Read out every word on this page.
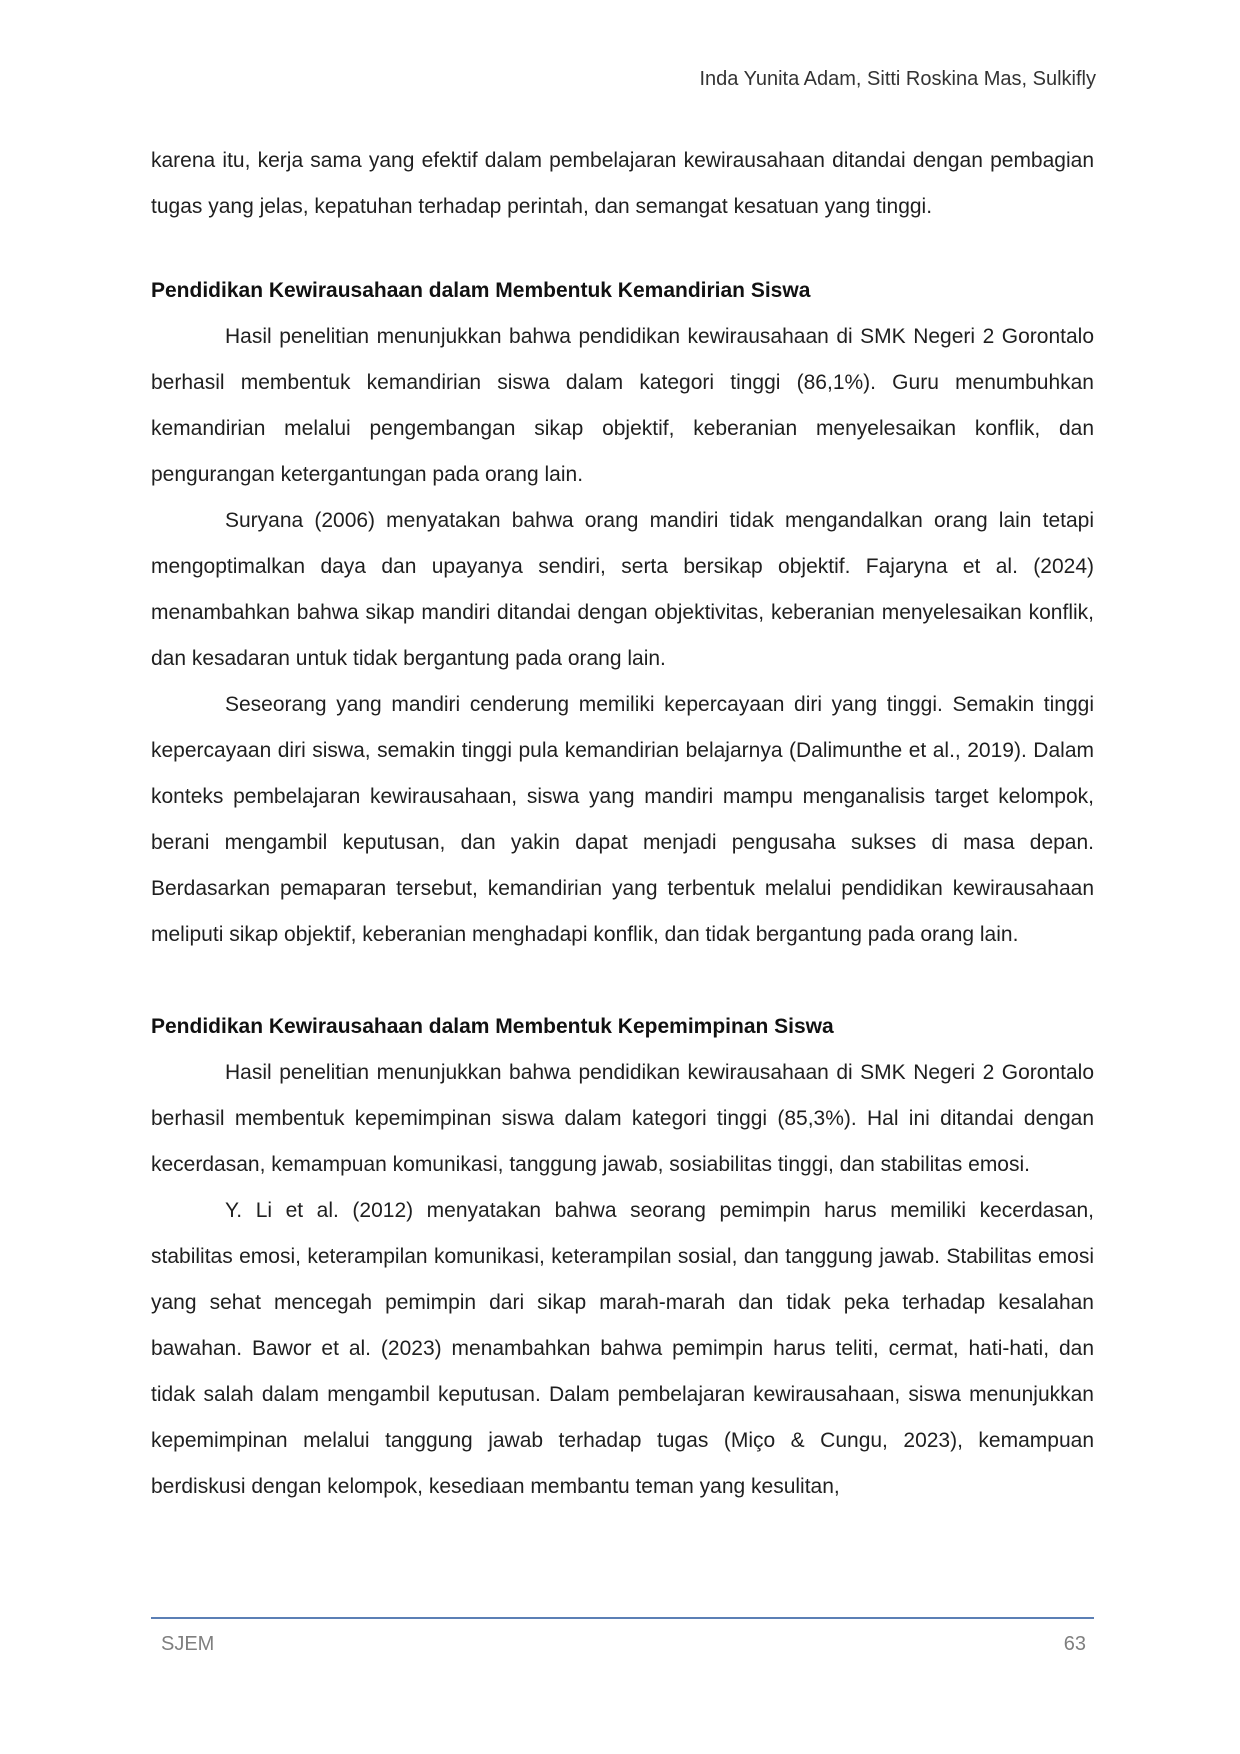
Inda Yunita Adam, Sitti Roskina Mas, Sulkifly

karena itu, kerja sama yang efektif dalam pembelajaran kewirausahaan ditandai dengan pembagian tugas yang jelas, kepatuhan terhadap perintah, dan semangat kesatuan yang tinggi.

Pendidikan Kewirausahaan dalam Membentuk Kemandirian Siswa

Hasil penelitian menunjukkan bahwa pendidikan kewirausahaan di SMK Negeri 2 Gorontalo berhasil membentuk kemandirian siswa dalam kategori tinggi (86,1%). Guru menumbuhkan kemandirian melalui pengembangan sikap objektif, keberanian menyelesaikan konflik, dan pengurangan ketergantungan pada orang lain.

Suryana (2006) menyatakan bahwa orang mandiri tidak mengandalkan orang lain tetapi mengoptimalkan daya dan upayanya sendiri, serta bersikap objektif. Fajaryna et al. (2024) menambahkan bahwa sikap mandiri ditandai dengan objektivitas, keberanian menyelesaikan konflik, dan kesadaran untuk tidak bergantung pada orang lain.

Seseorang yang mandiri cenderung memiliki kepercayaan diri yang tinggi. Semakin tinggi kepercayaan diri siswa, semakin tinggi pula kemandirian belajarnya (Dalimunthe et al., 2019). Dalam konteks pembelajaran kewirausahaan, siswa yang mandiri mampu menganalisis target kelompok, berani mengambil keputusan, dan yakin dapat menjadi pengusaha sukses di masa depan. Berdasarkan pemaparan tersebut, kemandirian yang terbentuk melalui pendidikan kewirausahaan meliputi sikap objektif, keberanian menghadapi konflik, dan tidak bergantung pada orang lain.

Pendidikan Kewirausahaan dalam Membentuk Kepemimpinan Siswa

Hasil penelitian menunjukkan bahwa pendidikan kewirausahaan di SMK Negeri 2 Gorontalo berhasil membentuk kepemimpinan siswa dalam kategori tinggi (85,3%). Hal ini ditandai dengan kecerdasan, kemampuan komunikasi, tanggung jawab, sosiabilitas tinggi, dan stabilitas emosi.

Y. Li et al. (2012) menyatakan bahwa seorang pemimpin harus memiliki kecerdasan, stabilitas emosi, keterampilan komunikasi, keterampilan sosial, dan tanggung jawab. Stabilitas emosi yang sehat mencegah pemimpin dari sikap marah-marah dan tidak peka terhadap kesalahan bawahan. Bawor et al. (2023) menambahkan bahwa pemimpin harus teliti, cermat, hati-hati, dan tidak salah dalam mengambil keputusan. Dalam pembelajaran kewirausahaan, siswa menunjukkan kepemimpinan melalui tanggung jawab terhadap tugas (Miço & Cungu, 2023), kemampuan berdiskusi dengan kelompok, kesediaan membantu teman yang kesulitan,

SJEM	63
